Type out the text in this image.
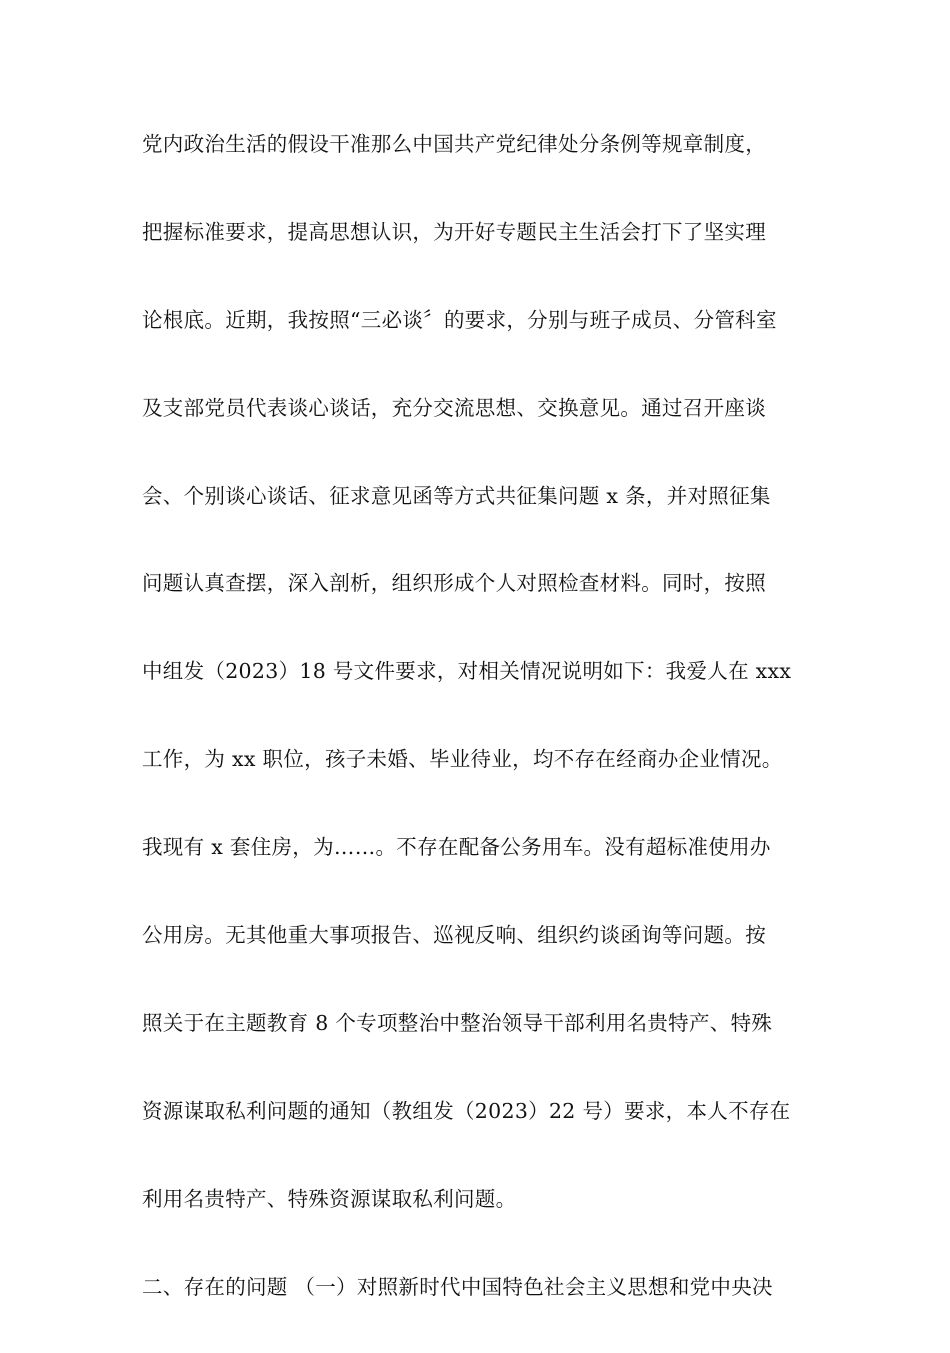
党内政治生活的假设干准那么中国共产党纪律处分条例等规章制度，
把握标准要求，提高思想认识，为开好专题民主生活会打下了坚实理
论根底。近期，我按照“三必谈〞的要求，分别与班子成员、分管科室
及支部党员代表谈心谈话，充分交流思想、交换意见。通过召开座谈
会、个别谈心谈话、征求意见函等方式共征集问题 x 条，并对照征集
问题认真查摆，深入剖析，组织形成个人对照检查材料。同时，按照
中组发（2023）18 号文件要求，对相关情况说明如下：我爱人在 xxx
工作，为 xx 职位，孩子未婚、毕业待业，均不存在经商办企业情况。
我现有 x 套住房，为……。不存在配备公务用车。没有超标准使用办
公用房。无其他重大事项报告、巡视反响、组织约谈函询等问题。按
照关于在主题教育 8 个专项整治中整治领导干部利用名贵特产、特殊
资源谋取私利问题的通知（教组发（2023）22 号）要求，本人不存在
利用名贵特产、特殊资源谋取私利问题。
二、存在的问题 （一）对照新时代中国特色社会主义思想和党中央决
